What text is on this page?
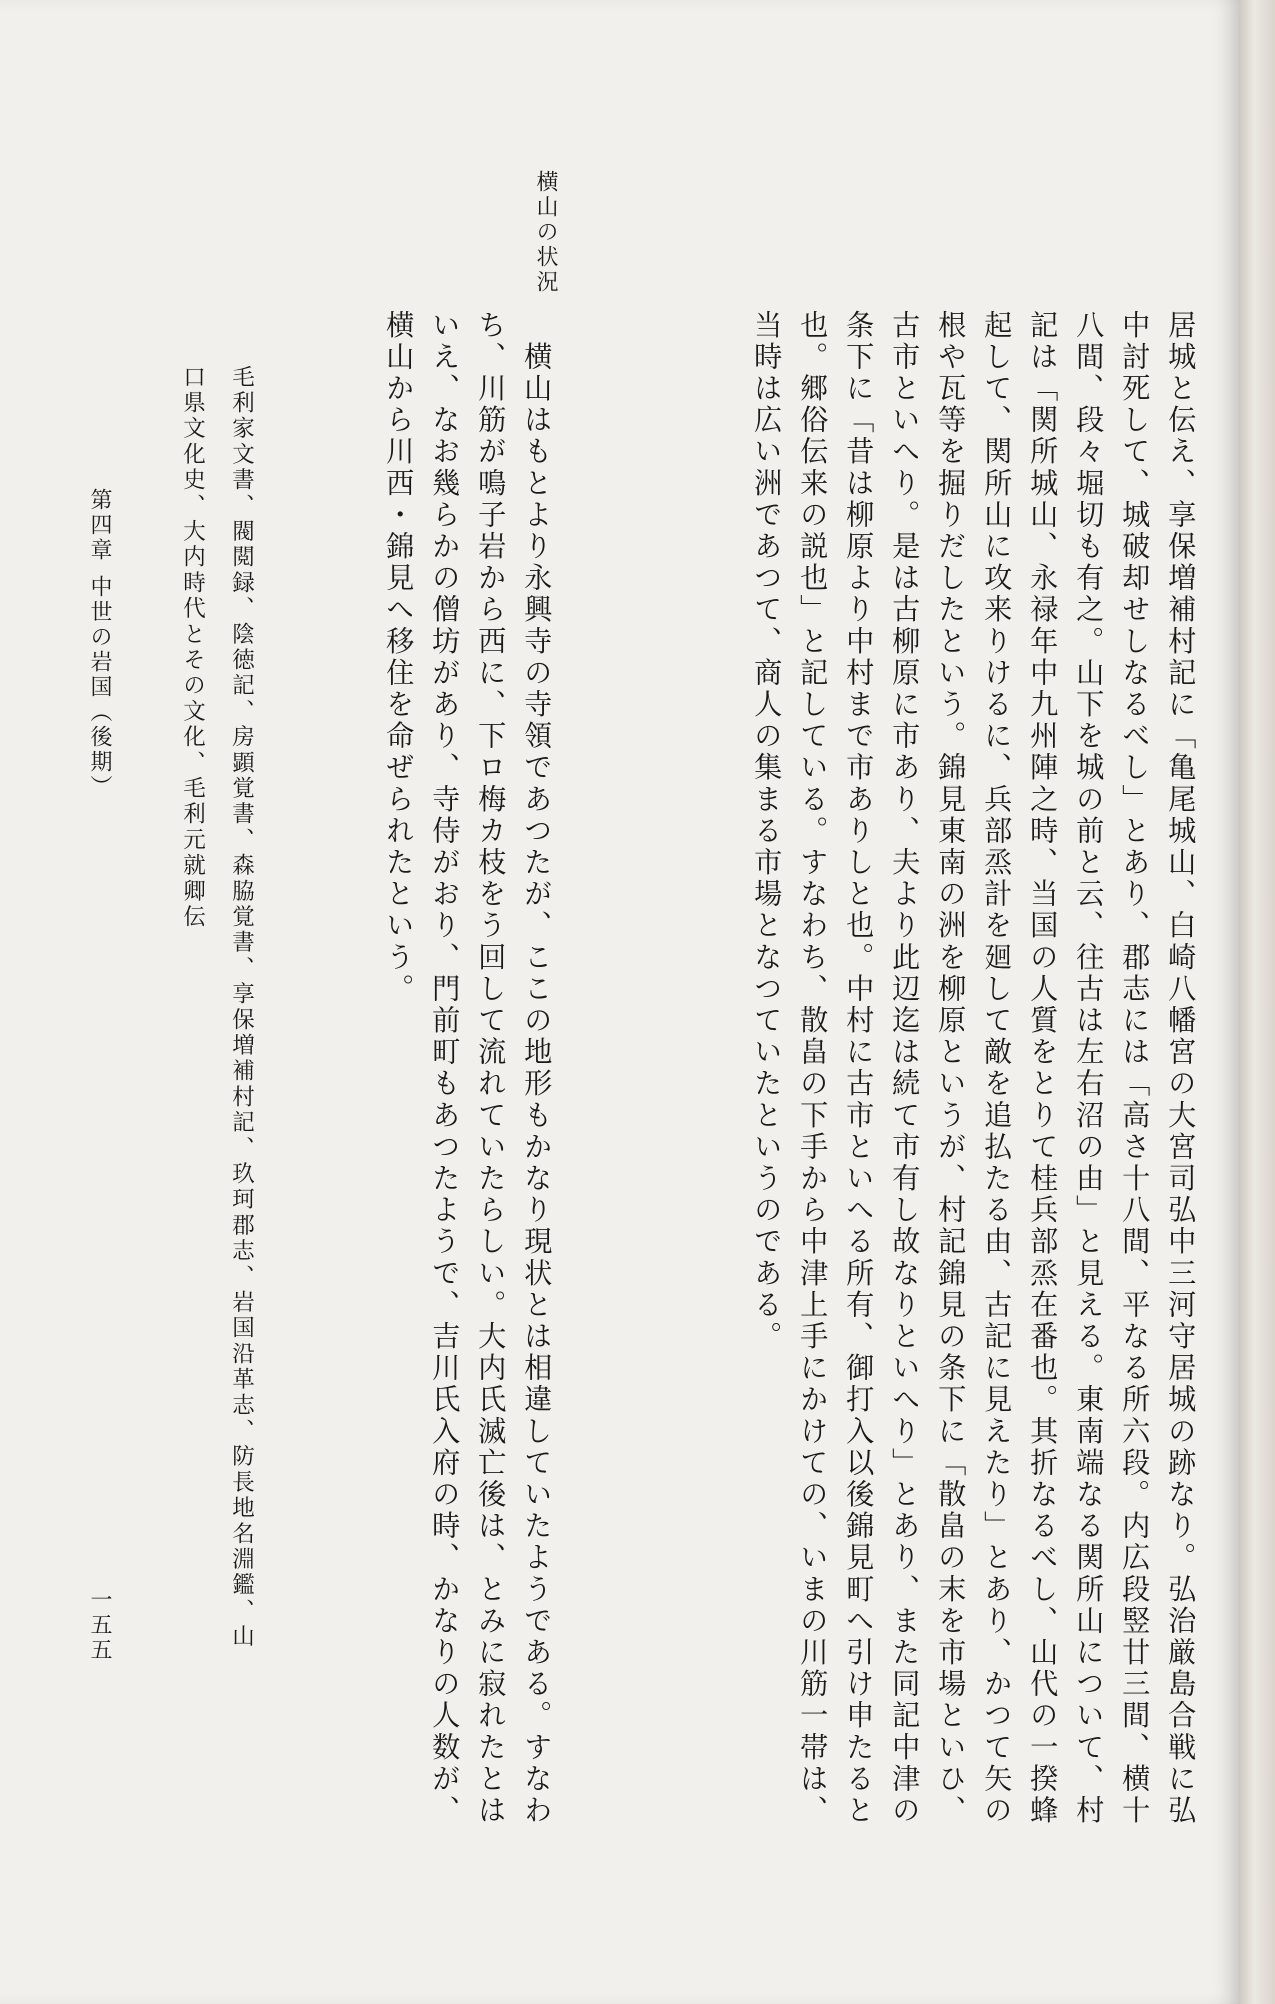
横山の状況
居城と伝え、享保増補村記に「亀尾城山、白崎八幡宮の大宮司弘中三河守居城の跡なり。弘治厳島合戦に弘
中討死して、城破却せしなるべし」とあり、郡志には「高さ十八間、平なる所六段。内広段竪廿三間、横十
八間、段々堀切も有之。山下を城の前と云、往古は左右沼の由」と見える。東南端なる関所山について、村
記は「関所城山、永禄年中九州陣之時、当国の人質をとりて桂兵部烝在番也。其折なるべし、山代の一揆蜂
起して、関所山に攻来りけるに、兵部烝計を廻して敵を追払たる由、古記に見えたり」とあり、かつて矢の
根や瓦等を掘りだしたという。錦見東南の洲を柳原というが、村記錦見の条下に「散畠の末を市場といひ、
古市といへり。是は古柳原に市あり、夫より此辺迄は続て市有し故なりといへり」とあり、また同記中津の
条下に「昔は柳原より中村まで市ありしと也。中村に古市といへる所有、御打入以後錦見町へ引け申たると
也。郷俗伝来の説也」と記している。すなわち、散畠の下手から中津上手にかけての、いまの川筋一帯は、
当時は広い洲であつて、商人の集まる市場となつていたというのである。
　横山はもとより永興寺の寺領であつたが、ここの地形もかなり現状とは相違していたようである。すなわ
ち、川筋が鳴子岩から西に、下ロ梅カ枝をう回して流れていたらしい。大内氏滅亡後は、とみに寂れたとは
いえ、なお幾らかの僧坊があり、寺侍がおり、門前町もあつたようで、吉川氏入府の時、かなりの人数が、
横山から川西・錦見へ移住を命ぜられたという。
毛利家文書、閥閲録、陰徳記、房顕覚書、森脇覚書、享保増補村記、玖珂郡志、岩国沿革志、防長地名淵鑑、山
口県文化史、大内時代とその文化、毛利元就卿伝
第四章中世の岩国（後期）
一五五
